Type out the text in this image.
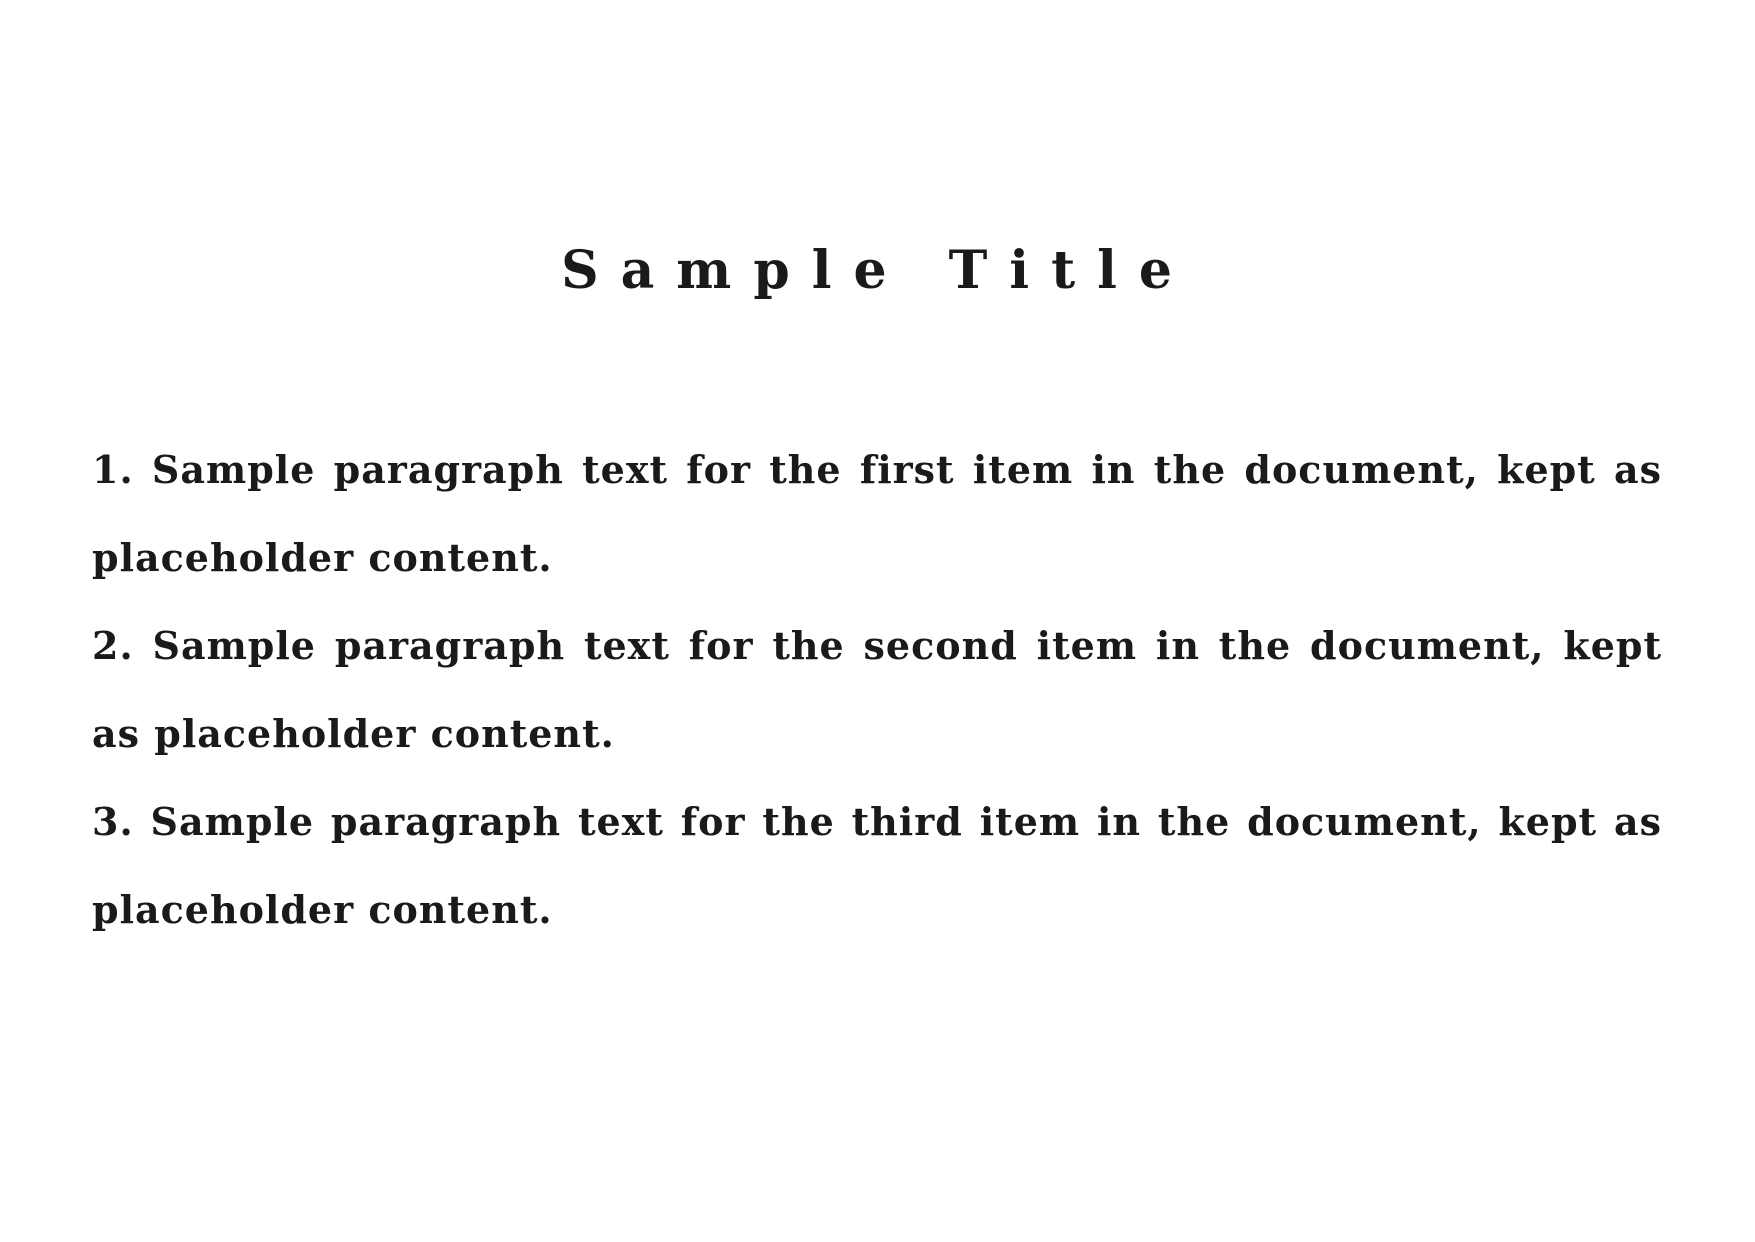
Sample Title

1. Sample paragraph text for the first item in the document, kept as placeholder content.

2. Sample paragraph text for the second item in the document, kept as placeholder content.

3. Sample paragraph text for the third item in the document, kept as placeholder content.
